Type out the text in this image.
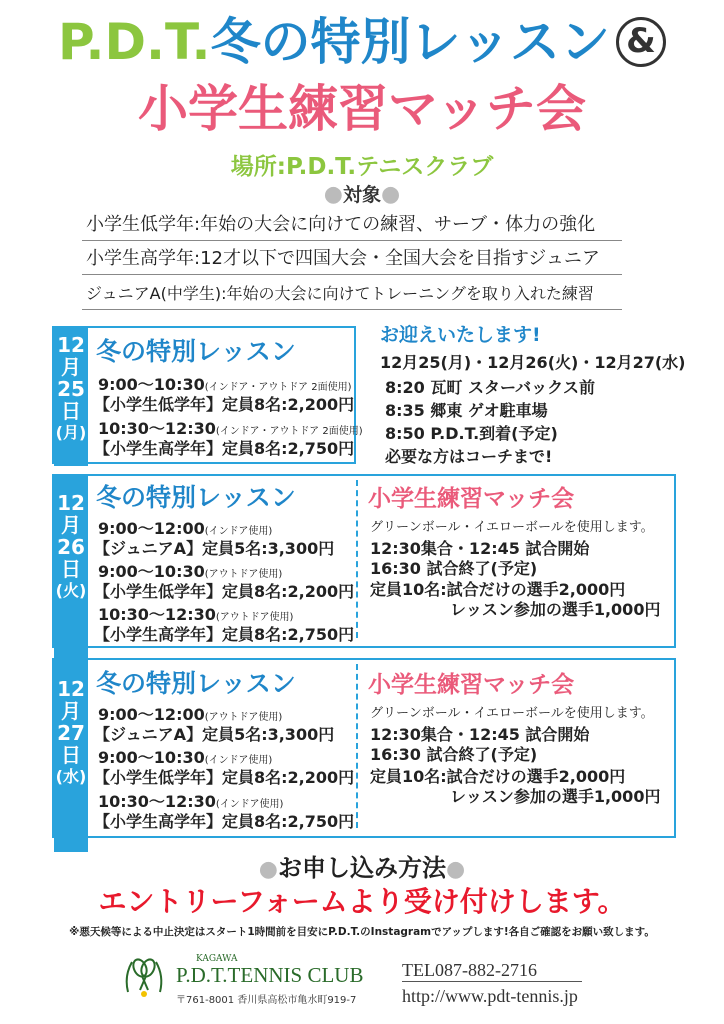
P.D.T.冬の特別レッスン &
小学生練習マッチ会
場所:P.D.T.テニスクラブ
●対象●
小学生低学年:年始の大会に向けての練習、サーブ・体力の強化
小学生高学年:12才以下で四国大会・全国大会を目指すジュニア
ジュニアA(中学生):年始の大会に向けてトレーニングを取り入れた練習
12
月
25
日
(月)
冬の特別レッスン
9:00〜10:30(インドア・アウトドア 2面使用)
【小学生低学年】定員8名:2,200円
10:30〜12:30(インドア・アウトドア 2面使用)
【小学生高学年】定員8名:2,750円
お迎えいたします!
12月25(月)・12月26(火)・12月27(水)
8:20 瓦町 スターバックス前
8:35 郷東 ゲオ駐車場
8:50 P.D.T.到着(予定)
必要な方はコーチまで!
12
月
26
日
(火)
冬の特別レッスン
9:00〜12:00(インドア使用)
【ジュニアA】定員5名:3,300円
9:00〜10:30(アウトドア使用)
【小学生低学年】定員8名:2,200円
10:30〜12:30(アウトドア使用)
【小学生高学年】定員8名:2,750円
小学生練習マッチ会
グリーンボール・イエローボールを使用します。
12:30集合・12:45 試合開始
16:30 試合終了(予定)
定員10名:試合だけの選手2,000円
レッスン参加の選手1,000円
12
月
27
日
(水)
冬の特別レッスン
9:00〜12:00(アウトドア使用)
【ジュニアA】定員5名:3,300円
9:00〜10:30(インドア使用)
【小学生低学年】定員8名:2,200円
10:30〜12:30(インドア使用)
【小学生高学年】定員8名:2,750円
小学生練習マッチ会
グリーンボール・イエローボールを使用します。
12:30集合・12:45 試合開始
16:30 試合終了(予定)
定員10名:試合だけの選手2,000円
レッスン参加の選手1,000円
●お申し込み方法●
エントリーフォームより受け付けします。
※悪天候等による中止決定はスタート1時間前を目安にP.D.T.のInstagramでアップします!各自ご確認をお願い致します。
KAGAWA
P.D.T.TENNIS CLUB
〒761-8001 香川県高松市亀水町919-7
TEL087-882-2716
http://www.pdt-tennis.jp
